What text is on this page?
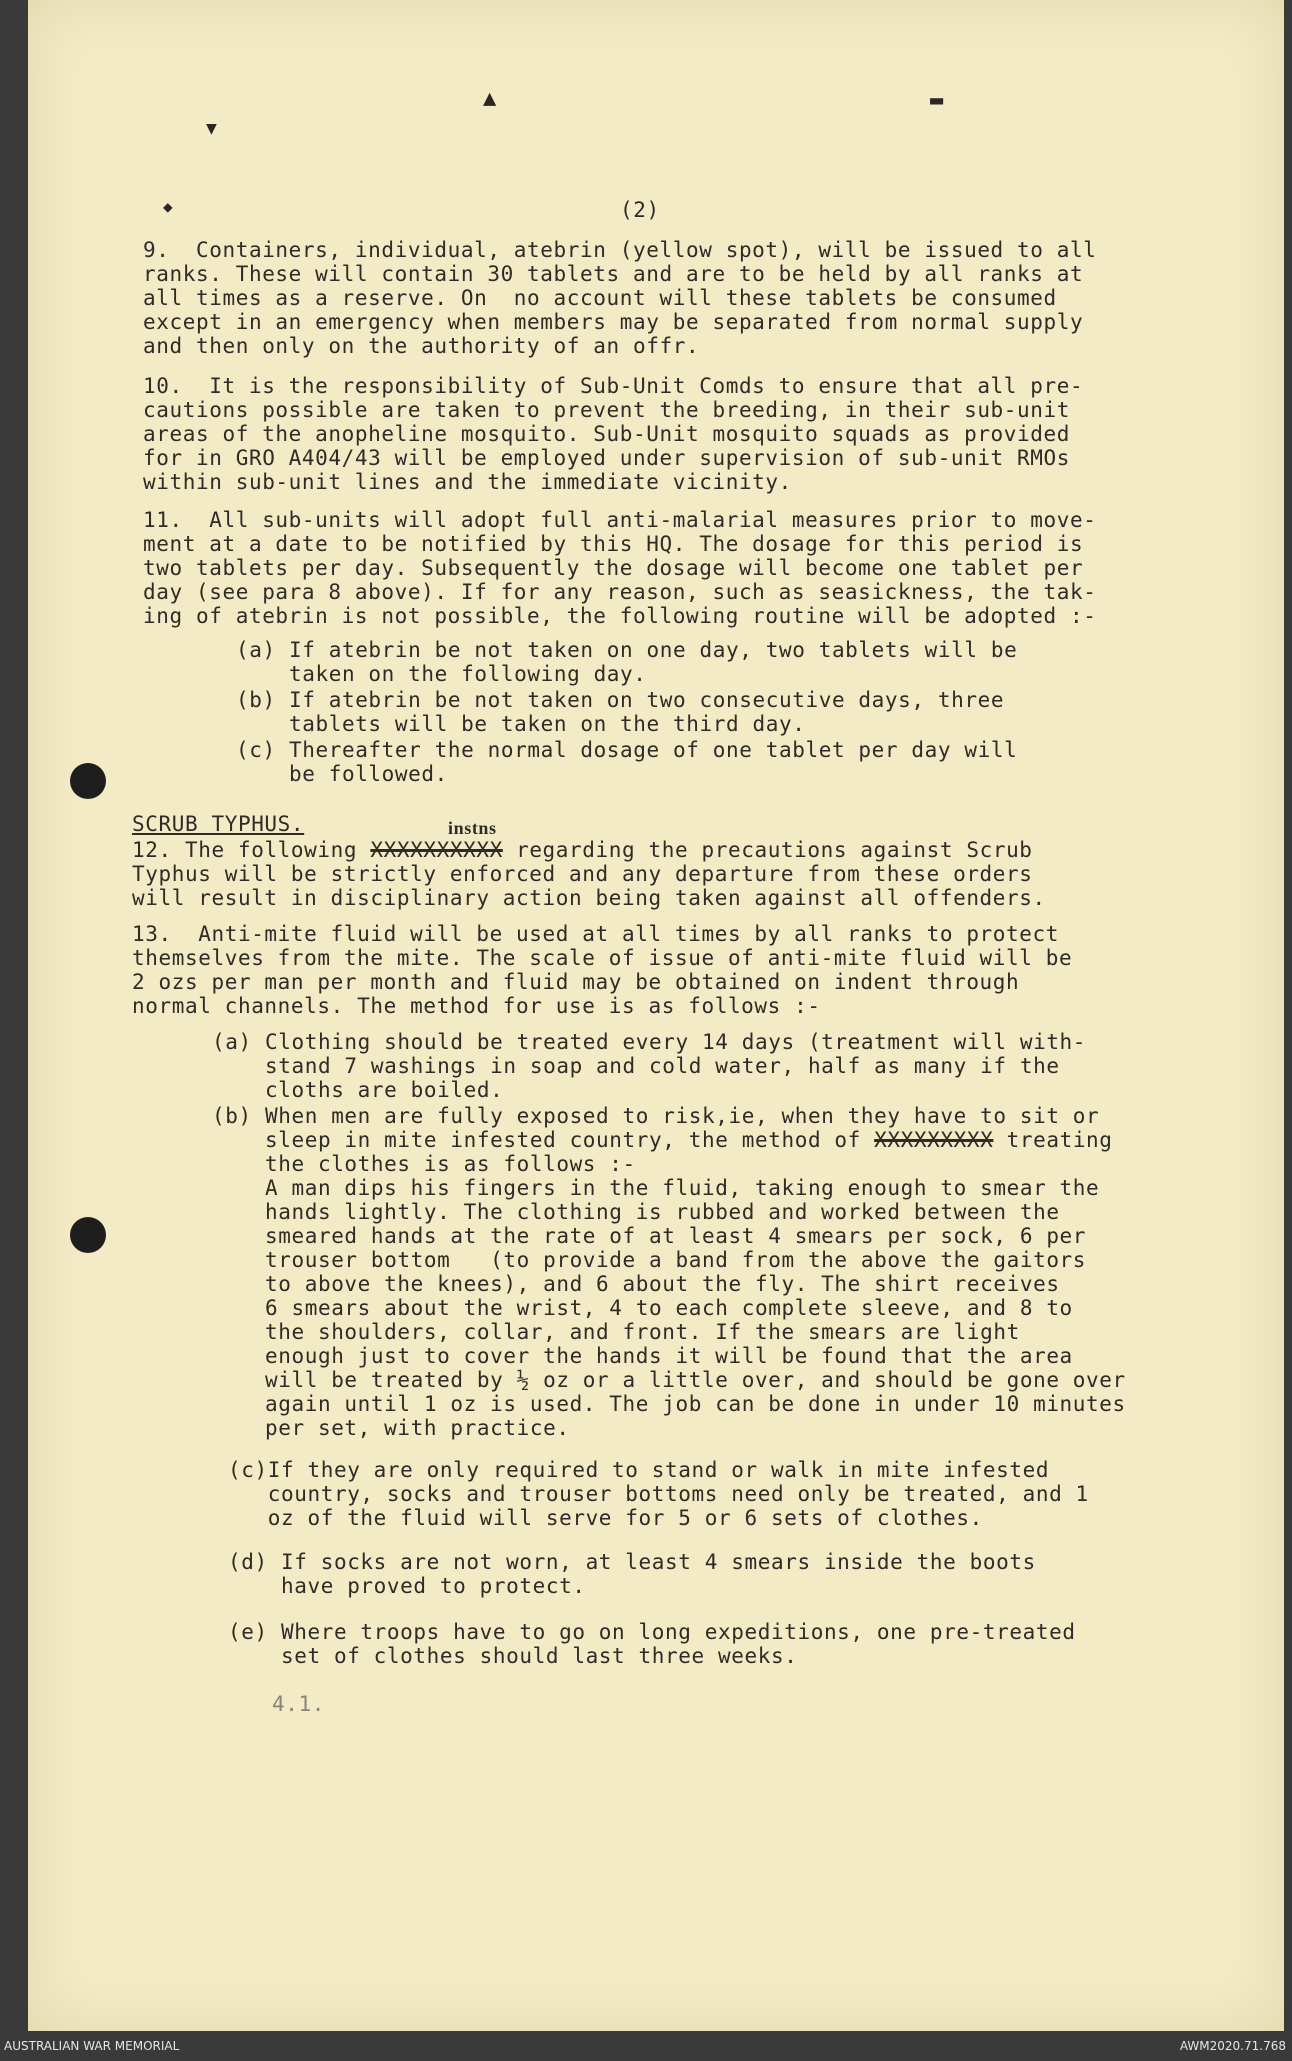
▲	▬
▼
◆	(2)
9.  Containers, individual, atebrin (yellow spot), will be issued to all
ranks. These will contain 30 tablets and are to be held by all ranks at
all times as a reserve. On  no account will these tablets be consumed
except in an emergency when members may be separated from normal supply
and then only on the authority of an offr.
10.  It is the responsibility of Sub-Unit Comds to ensure that all pre-
cautions possible are taken to prevent the breeding, in their sub-unit
areas of the anopheline mosquito. Sub-Unit mosquito squads as provided
for in GRO A404/43 will be employed under supervision of sub-unit RMOs
within sub-unit lines and the immediate vicinity.
11.  All sub-units will adopt full anti-malarial measures prior to move-
ment at a date to be notified by this HQ. The dosage for this period is
two tablets per day. Subsequently the dosage will become one tablet per
day (see para 8 above). If for any reason, such as seasickness, the tak-
ing of atebrin is not possible, the following routine will be adopted :-
(a) If atebrin be not taken on one day, two tablets will be
taken on the following day.
(b) If atebrin be not taken on two consecutive days, three
tablets will be taken on the third day.
(c) Thereafter the normal dosage of one tablet per day will
be followed.
SCRUB TYPHUS.	instns
12. The following XXXXXXXXXX regarding the precautions against Scrub
Typhus will be strictly enforced and any departure from these orders
will result in disciplinary action being taken against all offenders.
13.  Anti-mite fluid will be used at all times by all ranks to protect
themselves from the mite. The scale of issue of anti-mite fluid will be
2 ozs per man per month and fluid may be obtained on indent through
normal channels. The method for use is as follows :-
(a) Clothing should be treated every 14 days (treatment will with-
stand 7 washings in soap and cold water, half as many if the
cloths are boiled.
(b) When men are fully exposed to risk,ie, when they have to sit or
sleep in mite infested country, the method of XXXXXXXXX treating
the clothes is as follows :-
A man dips his fingers in the fluid, taking enough to smear the
hands lightly. The clothing is rubbed and worked between the
smeared hands at the rate of at least 4 smears per sock, 6 per
trouser bottom   (to provide a band from the above the gaitors
to above the knees), and 6 about the fly. The shirt receives
6 smears about the wrist, 4 to each complete sleeve, and 8 to
the shoulders, collar, and front. If the smears are light
enough just to cover the hands it will be found that the area
will be treated by ½ oz or a little over, and should be gone over
again until 1 oz is used. The job can be done in under 10 minutes
per set, with practice.
(c)If they are only required to stand or walk in mite infested
country, socks and trouser bottoms need only be treated, and 1
oz of the fluid will serve for 5 or 6 sets of clothes.
(d) If socks are not worn, at least 4 smears inside the boots
have proved to protect.
(e) Where troops have to go on long expeditions, one pre-treated
set of clothes should last three weeks.
4.1.
AUSTRALIAN WAR MEMORIAL	AWM2020.71.768
